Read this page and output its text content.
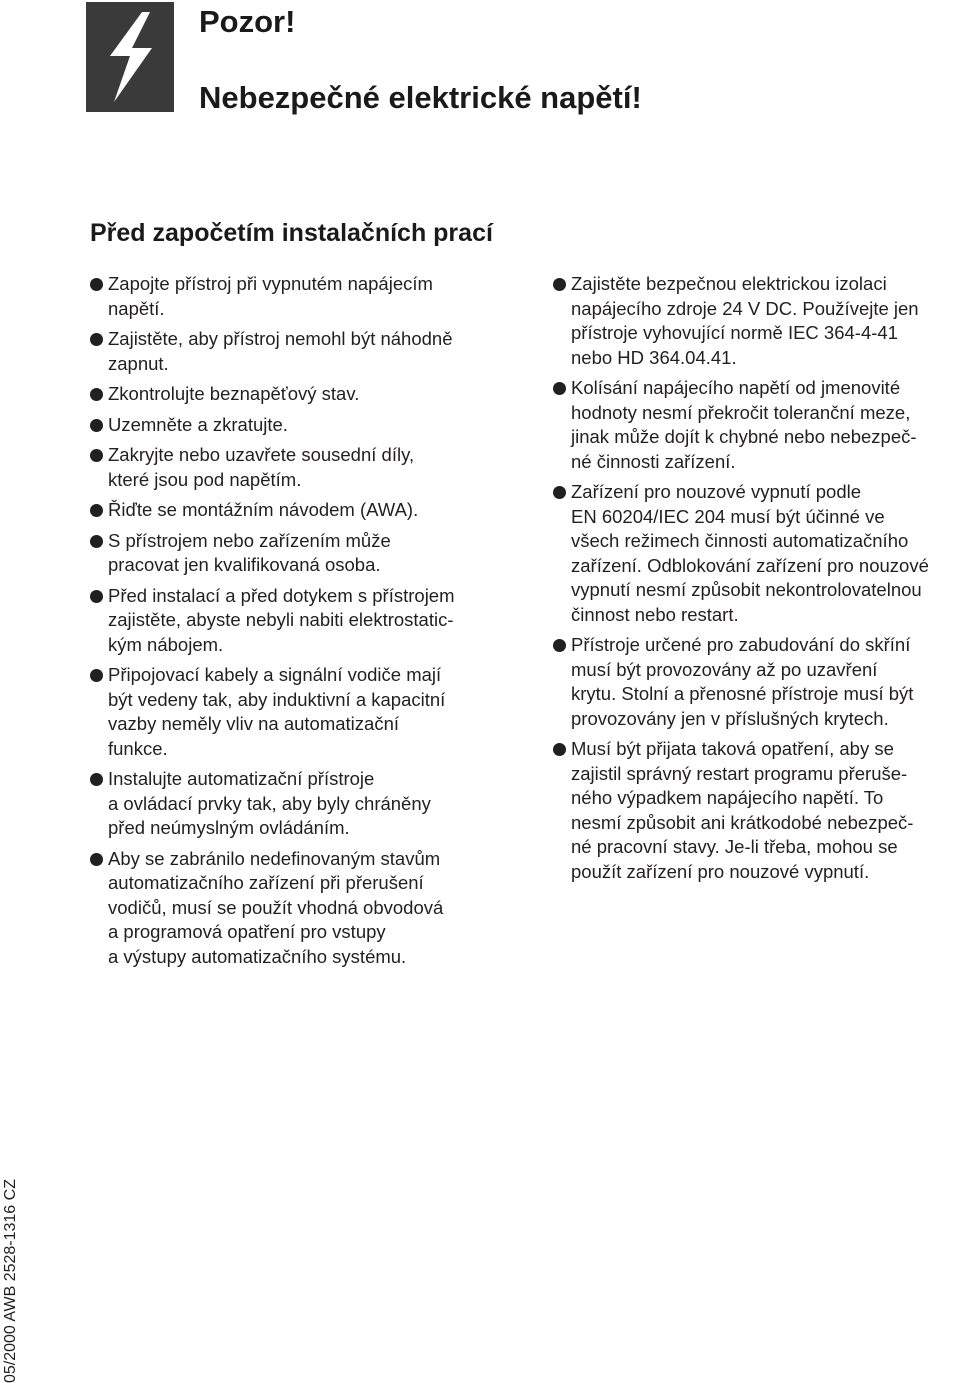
Pozor!
Nebezpečné elektrické napětí!
Před započetím instalačních prací
Zapojte přístroj při vypnutém napájecím
napětí.
Zajistěte, aby přístroj nemohl být náhodně
zapnut.
Zkontrolujte beznapěťový stav.
Uzemněte a zkratujte.
Zakryjte nebo uzavřete sousední díly,
které jsou pod napětím.
Řiďte se montážním návodem (AWA).
S přístrojem nebo zařízením může
pracovat jen kvalifikovaná osoba.
Před instalací a před dotykem s přístrojem
zajistěte, abyste nebyli nabiti elektrostatic-
kým nábojem.
Připojovací kabely a signální vodiče mají
být vedeny tak, aby induktivní a kapacitní
vazby neměly vliv na automatizační
funkce.
Instalujte automatizační přístroje
a ovládací prvky tak, aby byly chráněny
před neúmyslným ovládáním.
Aby se zabránilo nedefinovaným stavům
automatizačního zařízení při přerušení
vodičů, musí se použít vhodná obvodová
a programová opatření pro vstupy
a výstupy automatizačního systému.
Zajistěte bezpečnou elektrickou izolaci
napájecího zdroje 24 V DC. Používejte jen
přístroje vyhovující normě IEC 364-4-41
nebo HD 364.04.41.
Kolísání napájecího napětí od jmenovité
hodnoty nesmí překročit toleranční meze,
jinak může dojít k chybné nebo nebezpeč-
né činnosti zařízení.
Zařízení pro nouzové vypnutí podle
EN 60204/IEC 204 musí být účinné ve
všech režimech činnosti automatizačního
zařízení. Odblokování zařízení pro nouzové
vypnutí nesmí způsobit nekontrolovatelnou
činnost nebo restart.
Přístroje určené pro zabudování do skříní
musí být provozovány až po uzavření
krytu. Stolní a přenosné přístroje musí být
provozovány jen v příslušných krytech.
Musí být přijata taková opatření, aby se
zajistil správný restart programu přeruše-
ného výpadkem napájecího napětí. To
nesmí způsobit ani krátkodobé nebezpeč-
né pracovní stavy. Je-li třeba, mohou se
použít zařízení pro nouzové vypnutí.
05/2000 AWB 2528-1316 CZ
